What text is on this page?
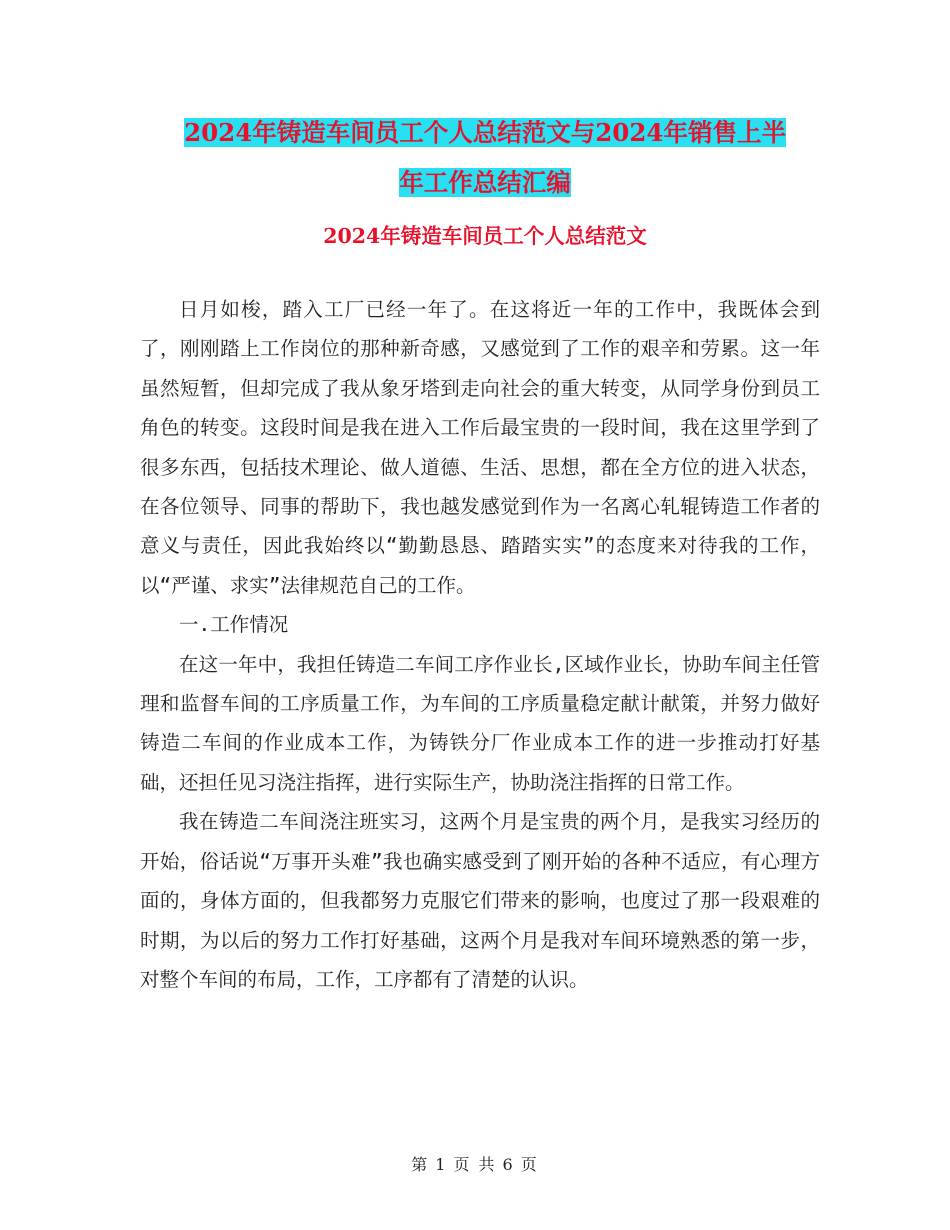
2024年铸造车间员工个人总结范文与2024年销售上半
年工作总结汇编
2024年铸造车间员工个人总结范文

日月如梭，踏入工厂已经一年了。在这将近一年的工作中，我既体会到了，刚刚踏上工作岗位的那种新奇感，又感觉到了工作的艰辛和劳累。这一年虽然短暂，但却完成了我从象牙塔到走向社会的重大转变，从同学身份到员工角色的转变。这段时间是我在进入工作后最宝贵的一段时间，我在这里学到了很多东西，包括技术理论、做人道德、生活、思想，都在全方位的进入状态，在各位领导、同事的帮助下，我也越发感觉到作为一名离心轧辊铸造工作者的意义与责任，因此我始终以“勤勤恳恳、踏踏实实”的态度来对待我的工作，以“严谨、求实”法律规范自己的工作。

一.工作情况

在这一年中，我担任铸造二车间工序作业长,区域作业长，协助车间主任管理和监督车间的工序质量工作，为车间的工序质量稳定献计献策，并努力做好铸造二车间的作业成本工作，为铸铁分厂作业成本工作的进一步推动打好基础，还担任见习浇注指挥，进行实际生产，协助浇注指挥的日常工作。

我在铸造二车间浇注班实习，这两个月是宝贵的两个月，是我实习经历的开始，俗话说“万事开头难”我也确实感受到了刚开始的各种不适应，有心理方面的，身体方面的，但我都努力克服它们带来的影响，也度过了那一段艰难的时期，为以后的努力工作打好基础，这两个月是我对车间环境熟悉的第一步，对整个车间的布局，工作，工序都有了清楚的认识。

第 1 页 共 6 页
